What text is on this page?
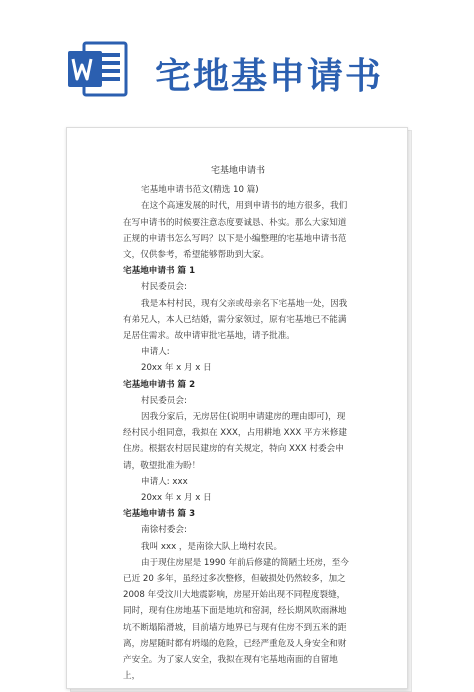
宅地基申请书
宅基地申请书

宅基地申请书范文(精选 10 篇)

在这个高速发展的时代，用到申请书的地方很多，我们在写申请书的时候要注意态度要诚恳、朴实。那么大家知道正规的申请书怎么写吗？以下是小编整理的宅基地申请书范文，仅供参考，希望能够帮助到大家。

宅基地申请书 篇 1

村民委员会:

我是本村村民，现有父亲或母亲名下宅基地一处，因我有弟兄人，本人已结婚，需分家领过，原有宅基地已不能满足居住需求。故申请审批宅基地，请予批准。

申请人:

20xx 年 x 月 x 日

宅基地申请书 篇 2

村民委员会:

因我分家后，无房居住(说明申请建房的理由即可)，现经村民小组同意，我拟在 XXX，占用耕地 XXX 平方米修建住房。根据农村居民建房的有关规定，特向 XXX 村委会申请，敬望批准为盼！

申请人: xxx

20xx 年 x 月 x 日

宅基地申请书 篇 3

南徐村委会:

我叫 xxx ，是南徐大队上坳村农民。

由于现住房屋是 1990 年前后修建的简陋土坯房，至今已近 20 多年，虽经过多次整修，但破损处仍然较多，加之 2008 年受汶川大地震影响，房屋开始出现不同程度裂缝，同时，现有住房地基下面是地坑和窑洞，经长期风吹雨淋地坑不断塌陷滑坡，目前墙方地界已与现有住房不到五米的距离，房屋随时都有坍塌的危险，已经严重危及人身安全和财产安全。为了家人安全，我拟在现有宅基地南面的自留地上，
